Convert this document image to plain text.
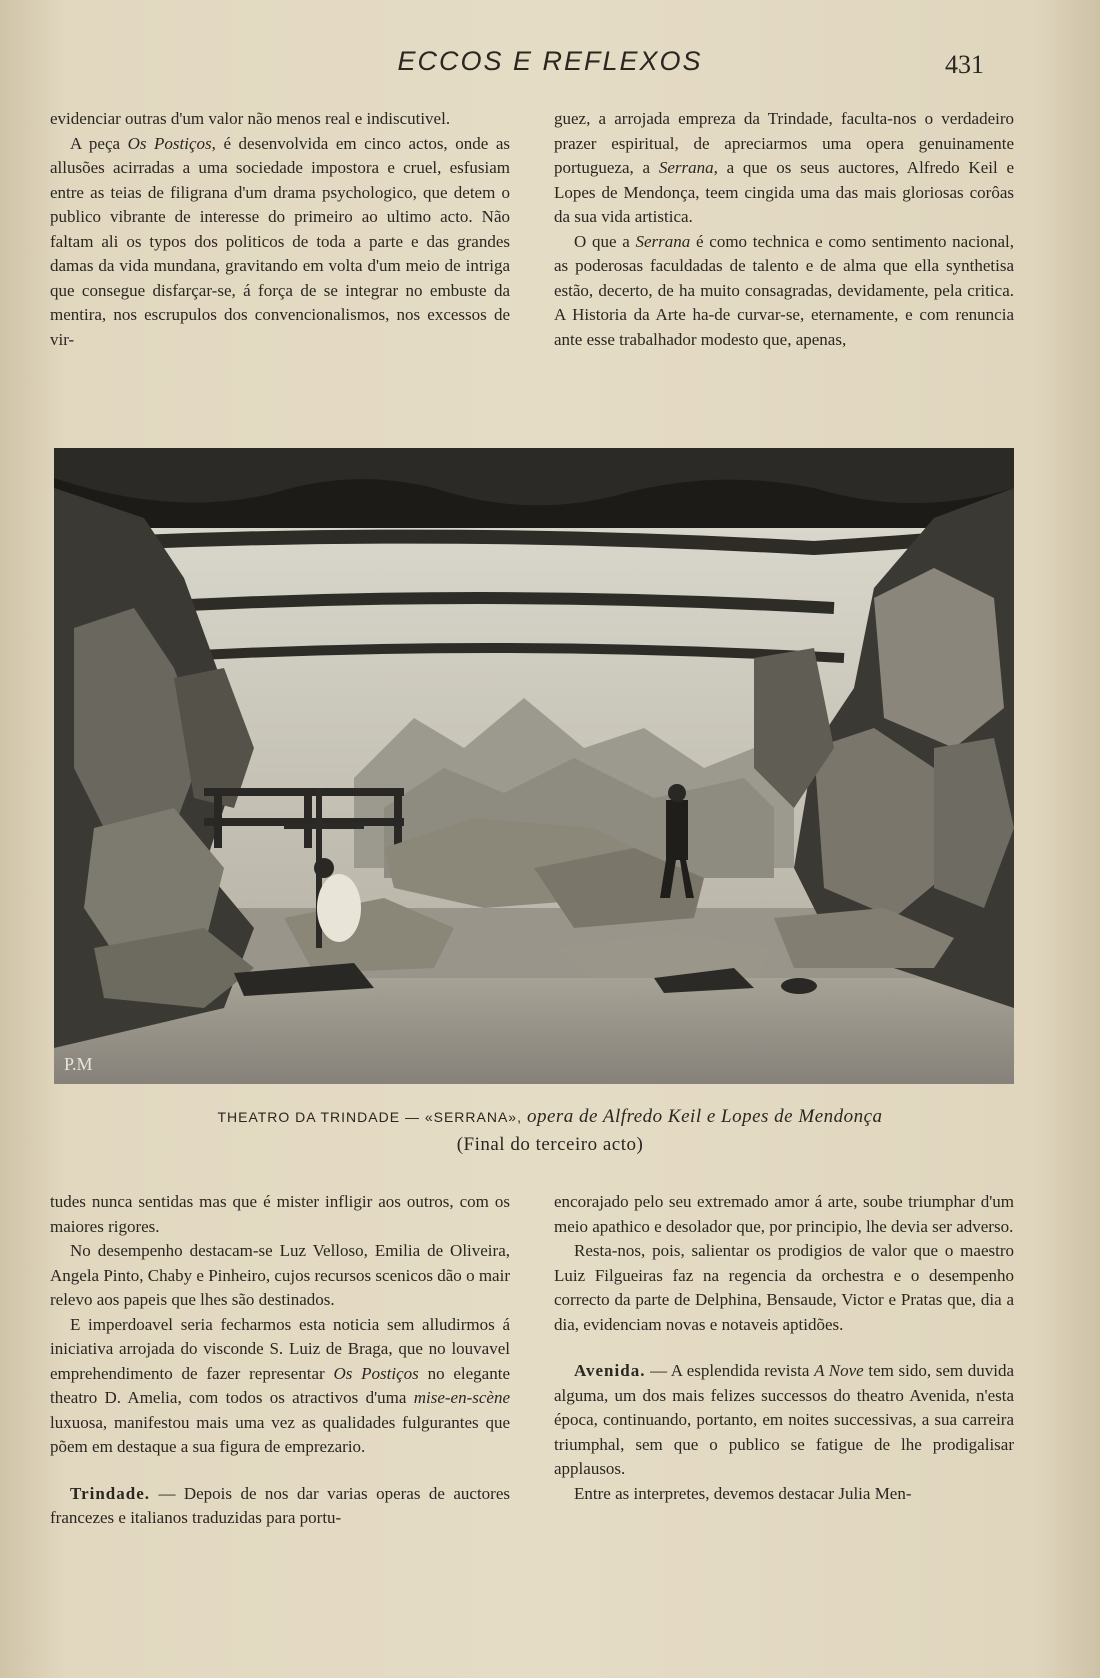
ECCOS E REFLEXOS	431

evidenciar outras d'um valor não menos real e indiscutivel.

A peça Os Postiços, é desenvolvida em cinco actos, onde as allusões acirradas a uma sociedade impostora e cruel, esfusiam entre as teias de filigrana d'um drama psychologico, que detem o publico vibrante de interesse do primeiro ao ultimo acto. Não faltam ali os typos dos politicos de toda a parte e das grandes damas da vida mundana, gravitando em volta d'um meio de intriga que consegue disfarçar-se, á força de se integrar no embuste da mentira, nos escrupulos dos convencionalismos, nos excessos de vir-

guez, a arrojada empreza da Trindade, faculta-nos o verdadeiro prazer espiritual, de apreciarmos uma opera genuinamente portugueza, a Serrana, a que os seus auctores, Alfredo Keil e Lopes de Mendonça, teem cingida uma das mais gloriosas corôas da sua vida artistica.

O que a Serrana é como technica e como sentimento nacional, as poderosas faculdadas de talento e de alma que ella synthetisa estão, decerto, de ha muito consagradas, devidamente, pela critica. A Historia da Arte ha-de curvar-se, eternamente, e com renuncia ante esse trabalhador modesto que, apenas,

P.M
THEATRO DA TRINDADE — «SERRANA», opera de Alfredo Keil e Lopes de Mendonça
(Final do terceiro acto)

tudes nunca sentidas mas que é mister infligir aos outros, com os maiores rigores.

No desempenho destacam-se Luz Velloso, Emilia de Oliveira, Angela Pinto, Chaby e Pinheiro, cujos recursos scenicos dão o mair relevo aos papeis que lhes são destinados.

E imperdoavel seria fecharmos esta noticia sem alludirmos á iniciativa arrojada do visconde S. Luiz de Braga, que no louvavel emprehendimento de fazer representar Os Postiços no elegante theatro D. Amelia, com todos os atractivos d'uma mise-en-scène luxuosa, manifestou mais uma vez as qualidades fulgurantes que põem em destaque a sua figura de emprezario.

Trindade. — Depois de nos dar varias operas de auctores francezes e italianos traduzidas para portu-

encorajado pelo seu extremado amor á arte, soube triumphar d'um meio apathico e desolador que, por principio, lhe devia ser adverso.

Resta-nos, pois, salientar os prodigios de valor que o maestro Luiz Filgueiras faz na regencia da orchestra e o desempenho correcto da parte de Delphina, Bensaude, Victor e Pratas que, dia a dia, evidenciam novas e notaveis aptidões.

Avenida. — A esplendida revista A Nove tem sido, sem duvida alguma, um dos mais felizes successos do theatro Avenida, n'esta época, continuando, portanto, em noites successivas, a sua carreira triumphal, sem que o publico se fatigue de lhe prodigalisar applausos.

Entre as interpretes, devemos destacar Julia Men-
